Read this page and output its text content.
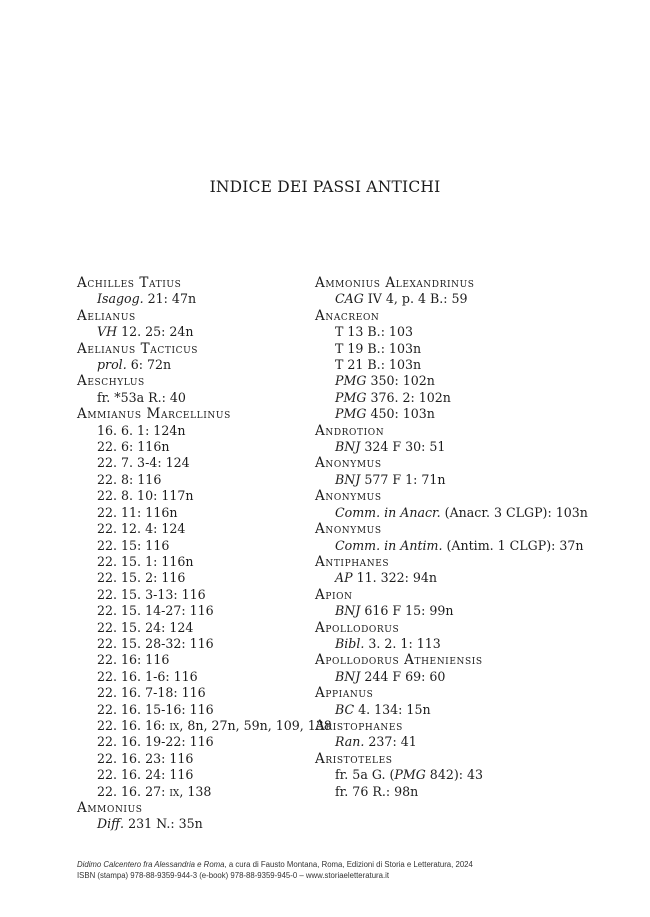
INDICE DEI PASSI ANTICHI
Achilles Tatius
Isagog. 21: 47n
Aelianus
VH 12. 25: 24n
Aelianus Tacticus
prol. 6: 72n
Aeschylus
fr. *53a R.: 40
Ammianus Marcellinus
16. 6. 1: 124n
22. 6: 116n
22. 7. 3-4: 124
22. 8: 116
22. 8. 10: 117n
22. 11: 116n
22. 12. 4: 124
22. 15: 116
22. 15. 1: 116n
22. 15. 2: 116
22. 15. 3-13: 116
22. 15. 14-27: 116
22. 15. 24: 124
22. 15. 28-32: 116
22. 16: 116
22. 16. 1-6: 116
22. 16. 7-18: 116
22. 16. 15-16: 116
22. 16. 16: ix, 8n, 27n, 59n, 109, 138
22. 16. 19-22: 116
22. 16. 23: 116
22. 16. 24: 116
22. 16. 27: ix, 138
Ammonius
Diff. 231 N.: 35n
Ammonius Alexandrinus
CAG IV 4, p. 4 B.: 59
Anacreon
T 13 B.: 103
T 19 B.: 103n
T 21 B.: 103n
PMG 350: 102n
PMG 376. 2: 102n
PMG 450: 103n
Androtion
BNJ 324 F 30: 51
Anonymus
BNJ 577 F 1: 71n
Anonymus
Comm. in Anacr. (Anacr. 3 CLGP): 103n
Anonymus
Comm. in Antim. (Antim. 1 CLGP): 37n
Antiphanes
AP 11. 322: 94n
Apion
BNJ 616 F 15: 99n
Apollodorus
Bibl. 3. 2. 1: 113
Apollodorus Atheniensis
BNJ 244 F 69: 60
Appianus
BC 4. 134: 15n
Aristophanes
Ran. 237: 41
Aristoteles
fr. 5a G. (PMG 842): 43
fr. 76 R.: 98n
Didimo Calcentero fra Alessandria e Roma, a cura di Fausto Montana, Roma, Edizioni di Storia e Letteratura, 2024
ISBN (stampa) 978-88-9359-944-3 (e-book) 978-88-9359-945-0 – www.storiaeletteratura.it
